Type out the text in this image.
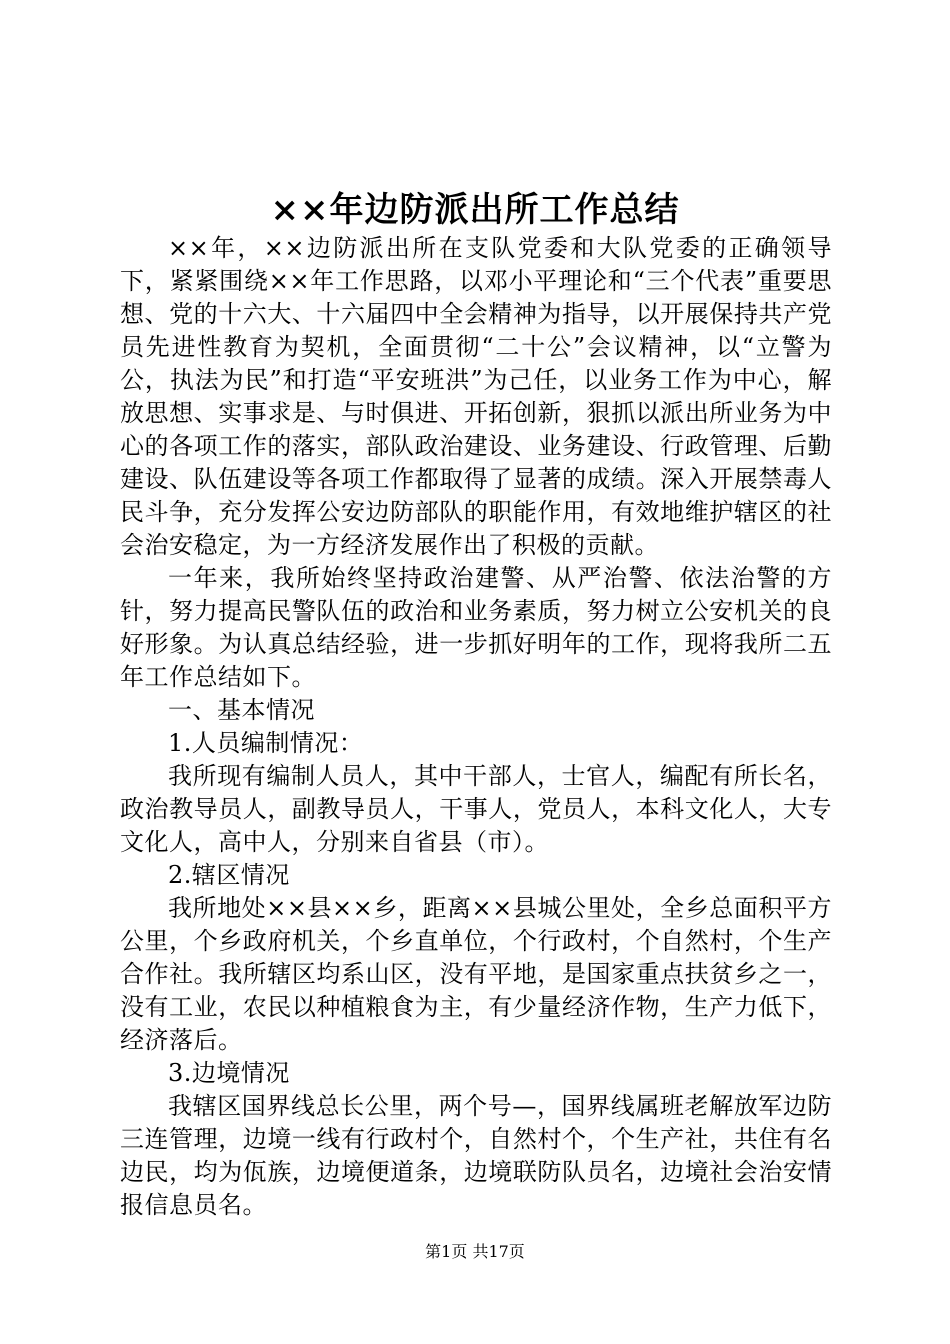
××年边防派出所工作总结

××年，××边防派出所在支队党委和大队党委的正确领导下，紧紧围绕××年工作思路，以邓小平理论和“三个代表”重要思想、党的十六大、十六届四中全会精神为指导，以开展保持共产党员先进性教育为契机，全面贯彻“二十公”会议精神，以“立警为公，执法为民”和打造“平安班洪”为己任，以业务工作为中心，解放思想、实事求是、与时俱进、开拓创新，狠抓以派出所业务为中心的各项工作的落实，部队政治建设、业务建设、行政管理、后勤建设、队伍建设等各项工作都取得了显著的成绩。深入开展禁毒人民斗争，充分发挥公安边防部队的职能作用，有效地维护辖区的社会治安稳定，为一方经济发展作出了积极的贡献。

一年来，我所始终坚持政治建警、从严治警、依法治警的方针，努力提高民警队伍的政治和业务素质，努力树立公安机关的良好形象。为认真总结经验，进一步抓好明年的工作，现将我所二五年工作总结如下。

一、基本情况

1.人员编制情况：

我所现有编制人员人，其中干部人，士官人，编配有所长名，政治教导员人，副教导员人，干事人，党员人，本科文化人，大专文化人，高中人，分别来自省县（市）。

2.辖区情况

我所地处××县××乡，距离××县城公里处，全乡总面积平方公里，个乡政府机关，个乡直单位，个行政村，个自然村，个生产合作社。我所辖区均系山区，没有平地，是国家重点扶贫乡之一，没有工业，农民以种植粮食为主，有少量经济作物，生产力低下，经济落后。

3.边境情况

我辖区国界线总长公里，两个号—，国界线属班老解放军边防三连管理，边境一线有行政村个，自然村个，个生产社，共住有名边民，均为佤族，边境便道条，边境联防队员名，边境社会治安情报信息员名。

第1页 共17页
